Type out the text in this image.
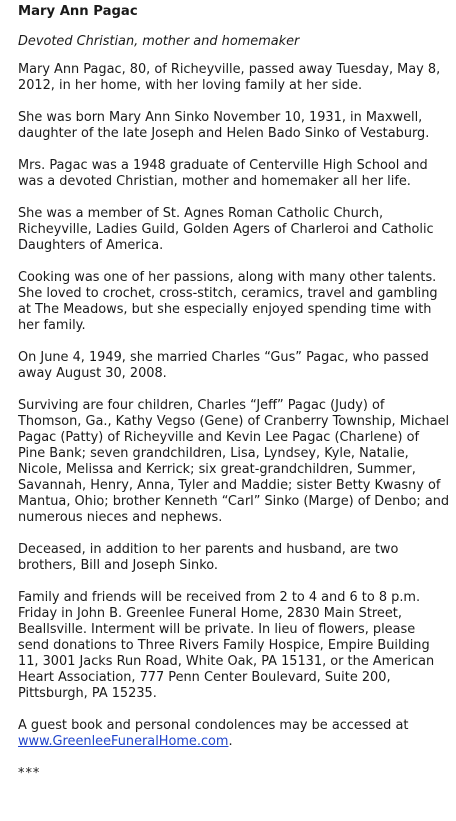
Mary Ann Pagac
Devoted Christian, mother and homemaker
Mary Ann Pagac, 80, of Richeyville, passed away Tuesday, May 8, 2012, in her home, with her loving family at her side.
She was born Mary Ann Sinko November 10, 1931, in Maxwell, daughter of the late Joseph and Helen Bado Sinko of Vestaburg.
Mrs. Pagac was a 1948 graduate of Centerville High School and was a devoted Christian, mother and homemaker all her life.
She was a member of St. Agnes Roman Catholic Church, Richeyville, Ladies Guild, Golden Agers of Charleroi and Catholic Daughters of America.
Cooking was one of her passions, along with many other talents. She loved to crochet, cross-stitch, ceramics, travel and gambling at The Meadows, but she especially enjoyed spending time with her family.
On June 4, 1949, she married Charles “Gus” Pagac, who passed away August 30, 2008.
Surviving are four children, Charles “Jeff” Pagac (Judy) of Thomson, Ga., Kathy Vegso (Gene) of Cranberry Township, Michael Pagac (Patty) of Richeyville and Kevin Lee Pagac (Charlene) of Pine Bank; seven grandchildren, Lisa, Lyndsey, Kyle, Natalie, Nicole, Melissa and Kerrick; six great-grandchildren, Summer, Savannah, Henry, Anna, Tyler and Maddie; sister Betty Kwasny of Mantua, Ohio; brother Kenneth “Carl” Sinko (Marge) of Denbo; and numerous nieces and nephews.
Deceased, in addition to her parents and husband, are two brothers, Bill and Joseph Sinko.
Family and friends will be received from 2 to 4 and 6 to 8 p.m. Friday in John B. Greenlee Funeral Home, 2830 Main Street, Beallsville. Interment will be private. In lieu of flowers, please send donations to Three Rivers Family Hospice, Empire Building 11, 3001 Jacks Run Road, White Oak, PA 15131, or the American Heart Association, 777 Penn Center Boulevard, Suite 200, Pittsburgh, PA 15235.
A guest book and personal condolences may be accessed at www.GreenleeFuneralHome.com.
***
